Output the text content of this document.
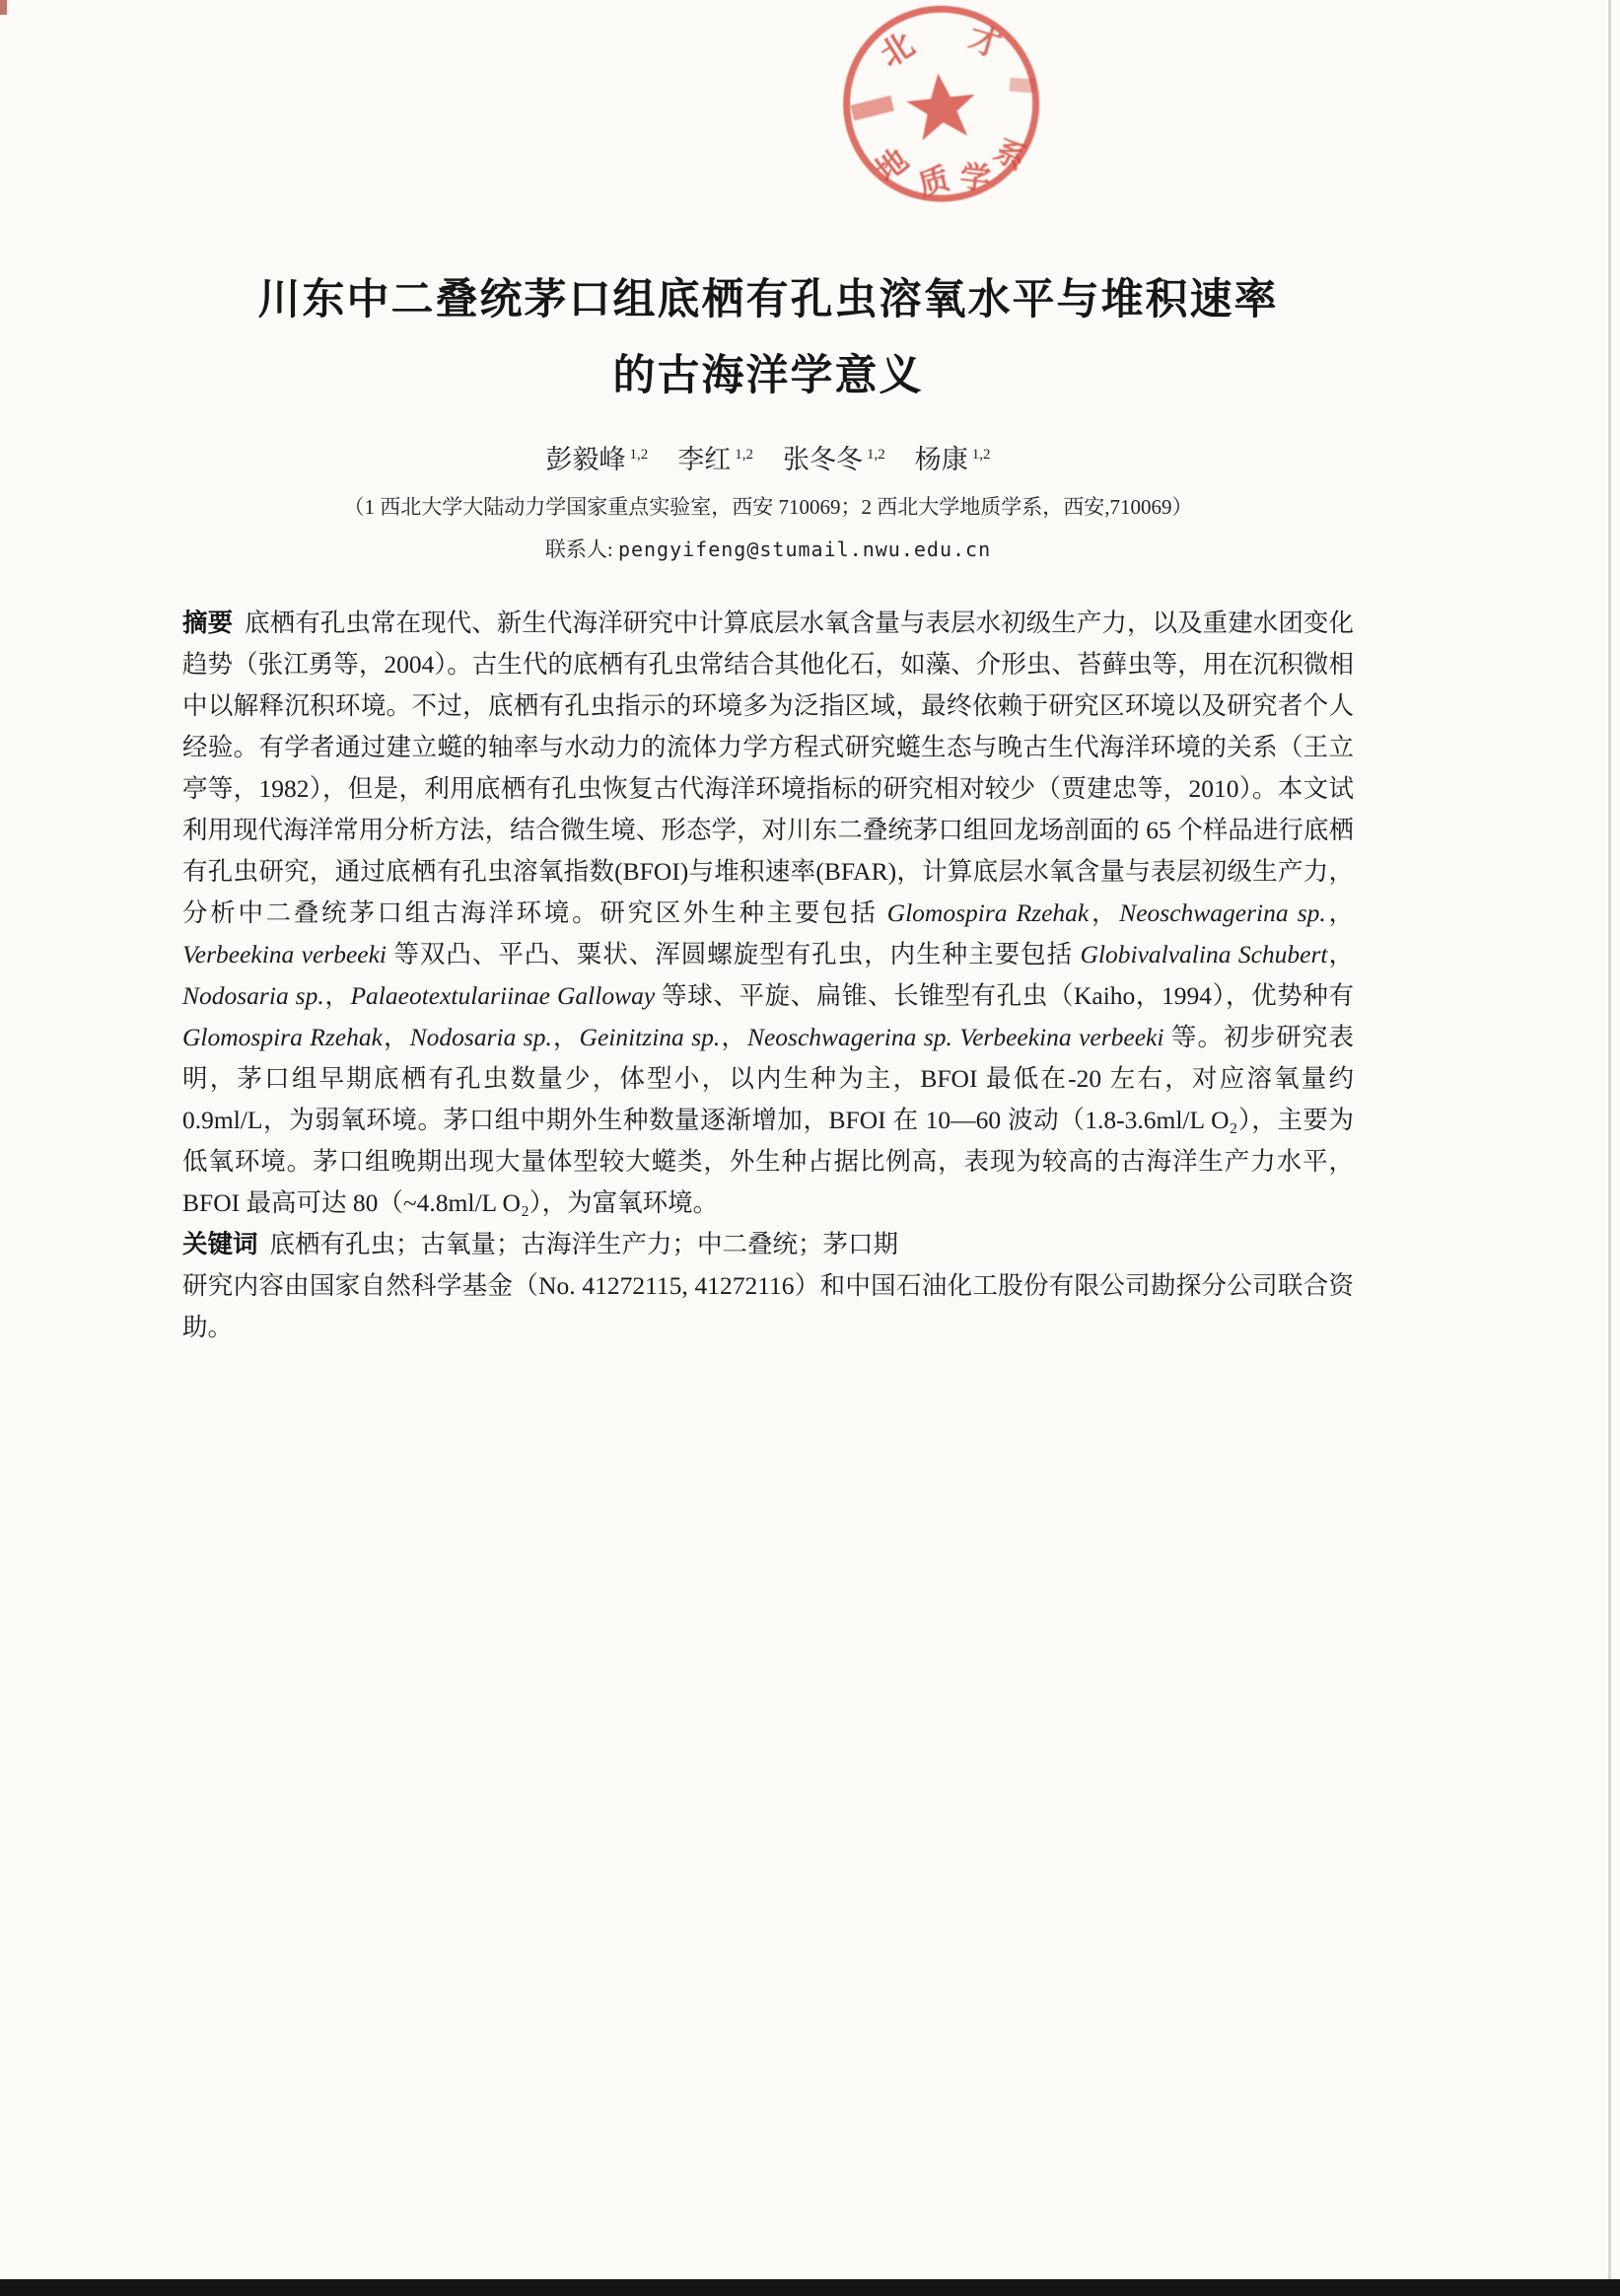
北 才
地 质 学
系
川东中二叠统茅口组底栖有孔虫溶氧水平与堆积速率
的古海洋学意义
彭毅峰 $^{1,2}$ 李红 $^{1,2}$ 张冬冬 $^{1,2}$ 杨康 $^{1,2}$
（1 西北大学大陆动力学国家重点实验室，西安 710069；2 西北大学地质学系，西安,710069）
联系人: pengyifeng@stumail.nwu.edu.cn

摘要 底栖有孔虫常在现代、新生代海洋研究中计算底层水氧含量与表层水初级生产力，以及重建水团变化趋势（张江勇等，2004）。古生代的底栖有孔虫常结合其他化石，如藻、介形虫、苔藓虫等，用在沉积微相中以解释沉积环境。不过，底栖有孔虫指示的环境多为泛指区域，最终依赖于研究区环境以及研究者个人经验。有学者通过建立䗴的轴率与水动力的流体力学方程式研究䗴生态与晚古生代海洋环境的关系（王立亭等，1982），但是，利用底栖有孔虫恢复古代海洋环境指标的研究相对较少（贾建忠等，2010）。本文试利用现代海洋常用分析方法，结合微生境、形态学，对川东二叠统茅口组回龙场剖面的 65 个样品进行底栖有孔虫研究，通过底栖有孔虫溶氧指数(BFOI)与堆积速率(BFAR)，计算底层水氧含量与表层初级生产力，分析中二叠统茅口组古海洋环境。研究区外生种主要包括 Glomospira Rzehak，Neoschwagerina sp.，Verbeekina verbeeki 等双凸、平凸、粟状、浑圆螺旋型有孔虫，内生种主要包括 Globivalvalina Schubert，Nodosaria sp.，Palaeotextulariinae Galloway 等球、平旋、扁锥、长锥型有孔虫（Kaiho，1994），优势种有 Glomospira Rzehak，Nodosaria sp.，Geinitzina sp.，Neoschwagerina sp. Verbeekina verbeeki 等。初步研究表明，茅口组早期底栖有孔虫数量少，体型小，以内生种为主，BFOI 最低在-20 左右，对应溶氧量约 0.9ml/L，为弱氧环境。茅口组中期外生种数量逐渐增加，BFOI 在 10—60 波动（1.8-3.6ml/L O₂），主要为低氧环境。茅口组晚期出现大量体型较大䗴类，外生种占据比例高，表现为较高的古海洋生产力水平，BFOI 最高可达 80（~4.8ml/L O₂），为富氧环境。

关键词 底栖有孔虫；古氧量；古海洋生产力；中二叠统；茅口期

研究内容由国家自然科学基金（No. 41272115, 41272116）和中国石油化工股份有限公司勘探分公司联合资助。
